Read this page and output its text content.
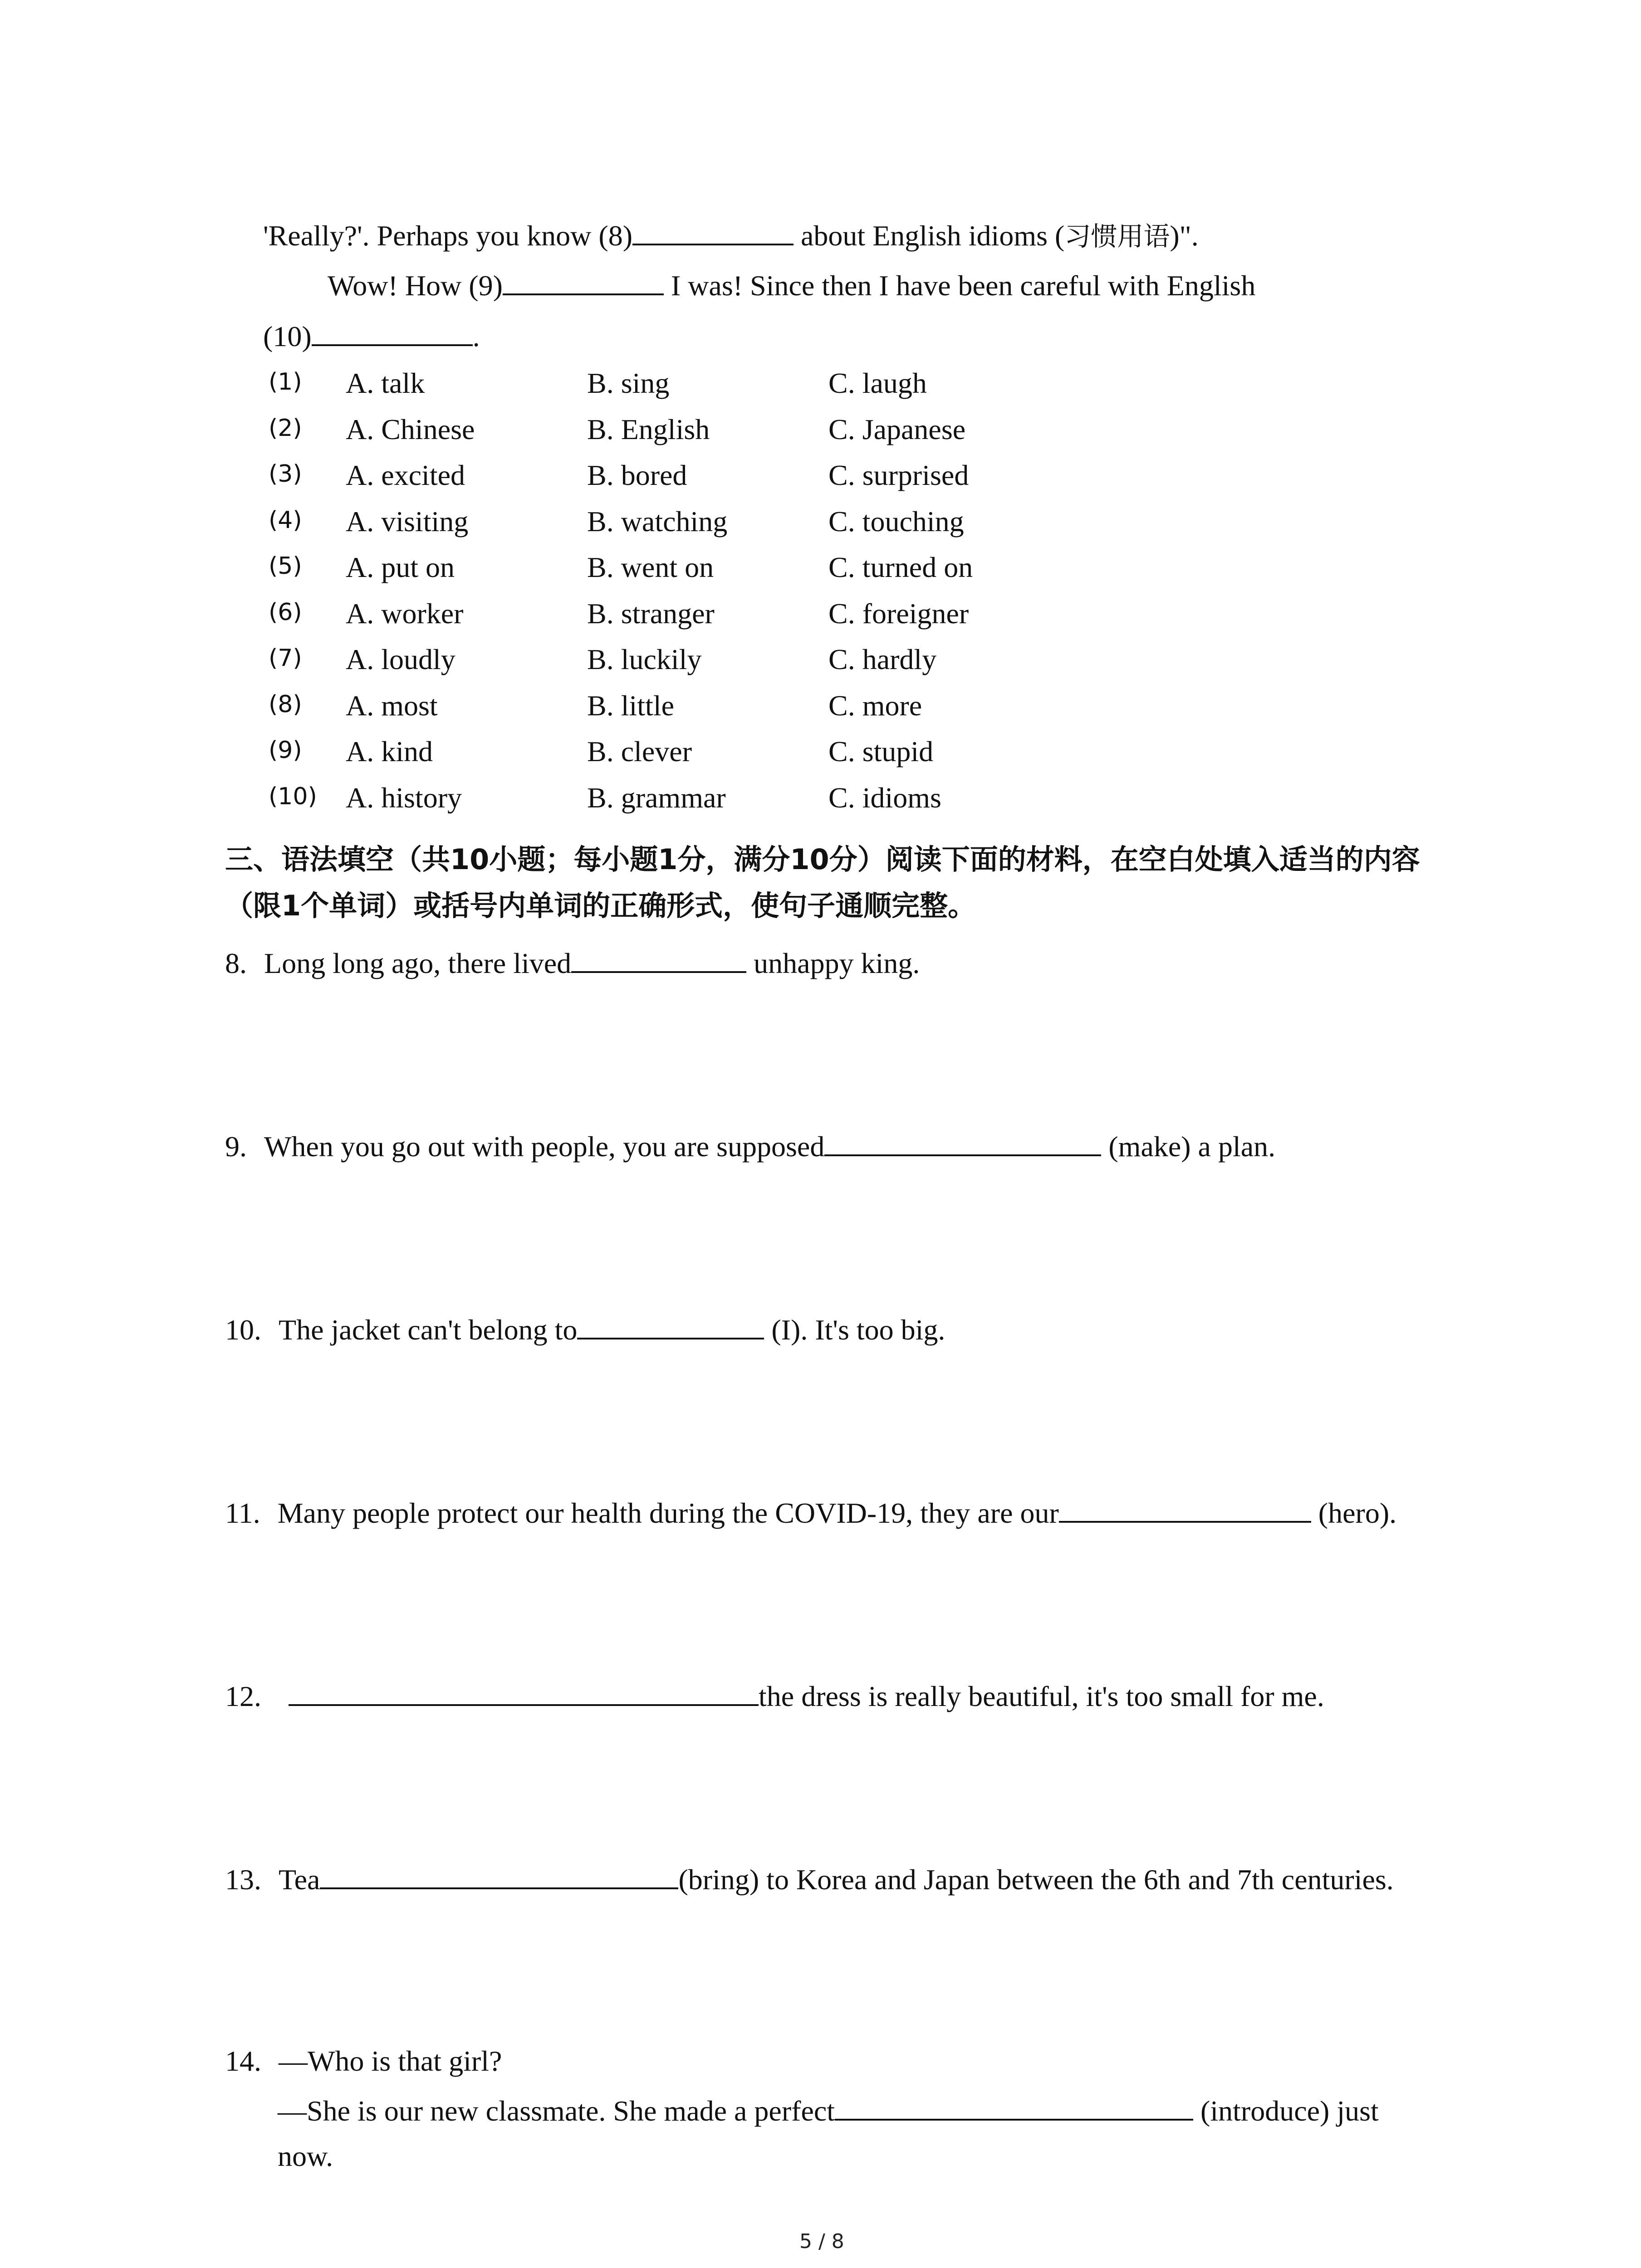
'Really?'. Perhaps you know (8)	about English idioms (习惯用语)".
Wow! How (9)	I was! Since then I have been careful with English
(10)	.
(1) A. talk	B. sing	C. laugh
(2) A. Chinese	B. English	C. Japanese
(3) A. excited	B. bored	C. surprised
(4) A. visiting	B. watching	C. touching
(5) A. put on	B. went on	C. turned on
(6) A. worker	B. stranger	C. foreigner
(7) A. loudly	B. luckily	C. hardly
(8) A. most	B. little	C. more
(9) A. kind	B. clever	C. stupid
(10) A. history	B. grammar	C. idioms
三、语法填空（共10小题；每小题1分，满分10分）阅读下面的材料，在空白处填入适当的内容（限1个单词）或括号内单词的正确形式，使句子通顺完整。
8. Long long ago, there lived	unhappy king.
9. When you go out with people, you are supposed	(make) a plan.
10. The jacket can't belong to	(I). It's too big.
11. Many people protect our health during the COVID-19, they are our	(hero).
12.	the dress is really beautiful, it's too small for me.
13. Tea	(bring) to Korea and Japan between the 6th and 7th centuries.
14. —Who is that girl?
—She is our new classmate. She made a perfect	(introduce) just
now.
5 / 8
